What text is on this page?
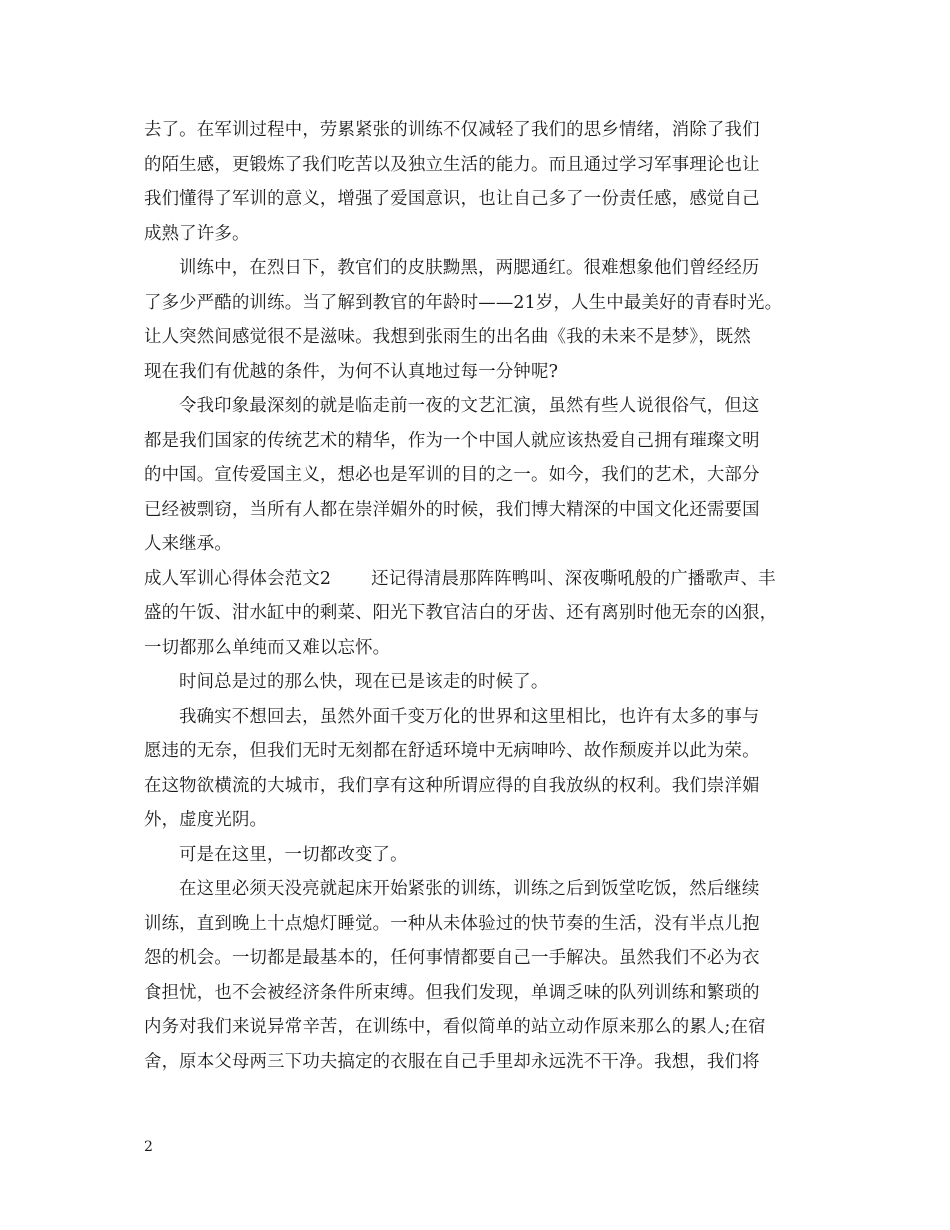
去了。在军训过程中，劳累紧张的训练不仅减轻了我们的思乡情绪，消除了我们
的陌生感，更锻炼了我们吃苦以及独立生活的能力。而且通过学习军事理论也让
我们懂得了军训的意义，增强了爱国意识，也让自己多了一份责任感，感觉自己
成熟了许多。
训练中，在烈日下，教官们的皮肤黝黑，两腮通红。很难想象他们曾经经历
了多少严酷的训练。当了解到教官的年龄时——21岁，人生中最美好的青春时光。
让人突然间感觉很不是滋味。我想到张雨生的出名曲《我的未来不是梦》，既然
现在我们有优越的条件，为何不认真地过每一分钟呢?
令我印象最深刻的就是临走前一夜的文艺汇演，虽然有些人说很俗气，但这
都是我们国家的传统艺术的精华，作为一个中国人就应该热爱自己拥有璀璨文明
的中国。宣传爱国主义，想必也是军训的目的之一。如今，我们的艺术，大部分
已经被剽窃，当所有人都在崇洋媚外的时候，我们博大精深的中国文化还需要国
人来继承。
成人军训心得体会范文2 还记得清晨那阵阵鸭叫、深夜嘶吼般的广播歌声、丰
盛的午饭、泔水缸中的剩菜、阳光下教官洁白的牙齿、还有离别时他无奈的凶狠，
一切都那么单纯而又难以忘怀。
时间总是过的那么快，现在已是该走的时候了。
我确实不想回去，虽然外面千变万化的世界和这里相比，也许有太多的事与
愿违的无奈，但我们无时无刻都在舒适环境中无病呻吟、故作颓废并以此为荣。
在这物欲横流的大城市，我们享有这种所谓应得的自我放纵的权利。我们崇洋媚
外，虚度光阴。
可是在这里，一切都改变了。
在这里必须天没亮就起床开始紧张的训练，训练之后到饭堂吃饭，然后继续
训练，直到晚上十点熄灯睡觉。一种从未体验过的快节奏的生活，没有半点儿抱
怨的机会。一切都是最基本的，任何事情都要自己一手解决。虽然我们不必为衣
食担忧，也不会被经济条件所束缚。但我们发现，单调乏味的队列训练和繁琐的
内务对我们来说异常辛苦，在训练中，看似简单的站立动作原来那么的累人;在宿
舍，原本父母两三下功夫搞定的衣服在自己手里却永远洗不干净。我想，我们将
2
